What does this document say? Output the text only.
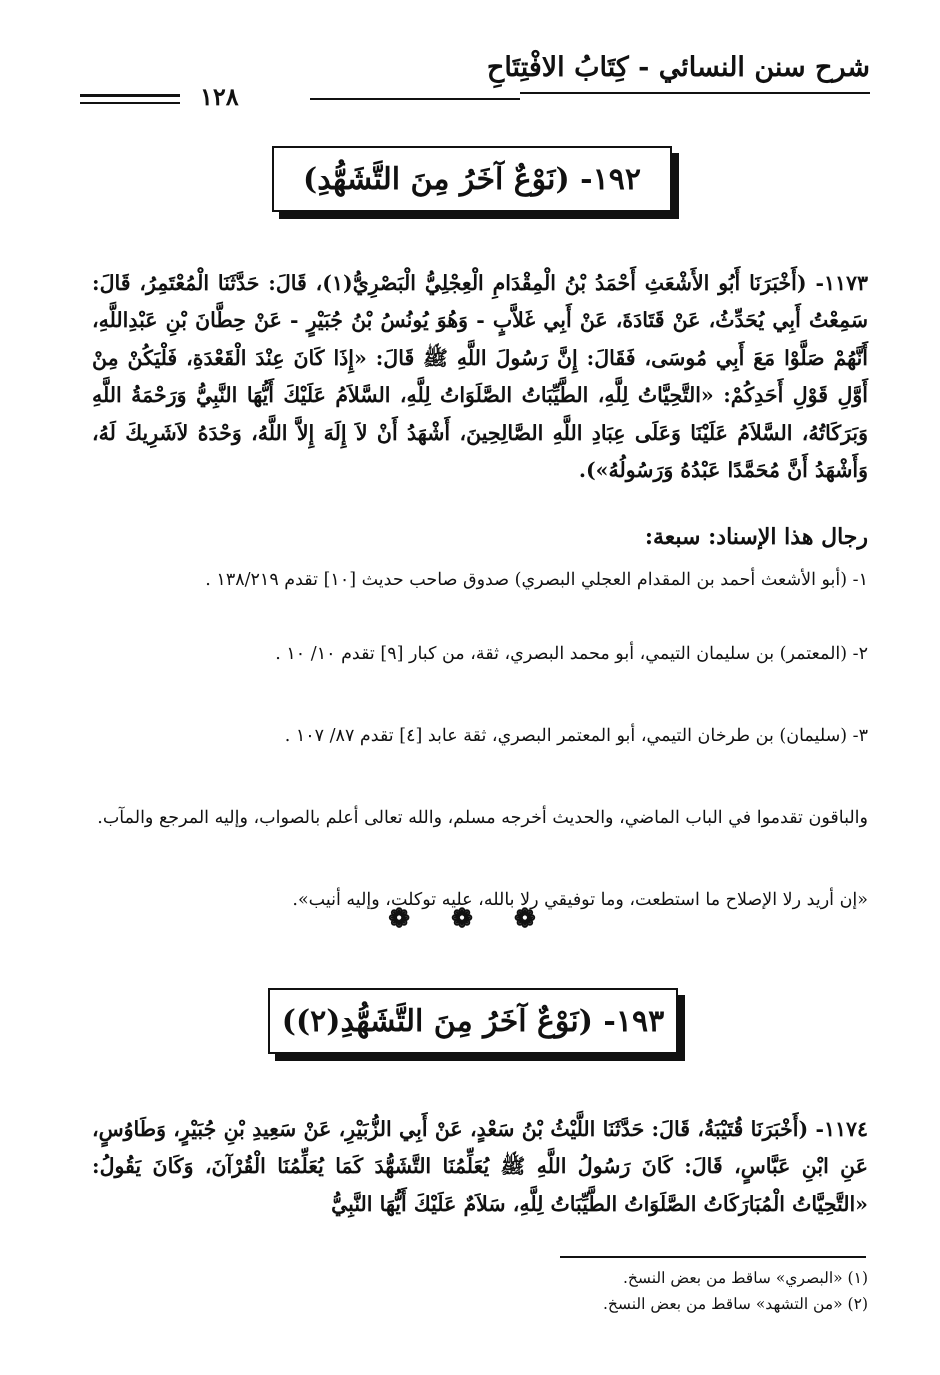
شرح سنن النسائي - كِتَابُ الافْتِتَاحِ
١٢٨
١٩٢- (نَوْعٌ آخَرُ مِنَ التَّشَهُّدِ)

١١٧٣- (أَخْبَرَنَا أَبُو الأَشْعَثِ أَحْمَدُ بْنُ الْمِقْدَامِ الْعِجْلِيُّ الْبَصْرِيُّ(١)، قَالَ: حَدَّثَنَا الْمُعْتَمِرُ، قَالَ: سَمِعْتُ أَبِي يُحَدِّثُ، عَنْ قَتَادَةَ، عَنْ أَبِي غَلاَّبٍ - وَهُوَ يُونُسُ بْنُ جُبَيْرٍ - عَنْ حِطَّانَ بْنِ عَبْدِاللَّهِ، أَنَّهُمْ صَلَّوْا مَعَ أَبِي مُوسَى، فَقَالَ: إِنَّ رَسُولَ اللَّهِ ﷺ قَالَ: «إِذَا كَانَ عِنْدَ الْقَعْدَةِ، فَلْيَكُنْ مِنْ أَوَّلِ قَوْلِ أَحَدِكُمْ: «التَّحِيَّاتُ لِلَّهِ، الطَّيِّبَاتُ الصَّلَوَاتُ لِلَّهِ، السَّلاَمُ عَلَيْكَ أَيُّهَا النَّبِيُّ وَرَحْمَةُ اللَّهِ وَبَرَكَاتُهُ، السَّلاَمُ عَلَيْنَا وَعَلَى عِبَادِ اللَّهِ الصَّالِحِينَ، أَشْهَدُ أَنْ لاَ إِلَهَ إِلاَّ اللَّهُ، وَحْدَهُ لاَشَرِيكَ لَهُ، وَأَشْهَدُ أَنَّ مُحَمَّدًا عَبْدُهُ وَرَسُولُهُ»).

رجال هذا الإسناد: سبعة:

١- (أبو الأشعث أحمد بن المقدام العجلي البصري) صدوق صاحب حديث [١٠] تقدم ١٣٨/٢١٩ .

٢- (المعتمر) بن سليمان التيمي، أبو محمد البصري، ثقة، من كبار [٩] تقدم ١٠/ ١٠ .

٣- (سليمان) بن طرخان التيمي، أبو المعتمر البصري، ثقة عابد [٤] تقدم ٨٧/ ١٠٧ .

والباقون تقدموا في الباب الماضي، والحديث أخرجه مسلم، والله تعالى أعلم بالصواب، وإليه المرجع والمآب.

«إن أريد رلا الإصلاح ما استطعت، وما توفيقي رلا بالله، عليه توكلت، وإليه أنيب».

❁ ❁ ❁
١٩٣- (نَوْعٌ آخَرُ مِنَ التَّشَهُّدِ(٢))

١١٧٤- (أَخْبَرَنَا قُتَيْبَةُ، قَالَ: حَدَّثَنَا اللَّيْثُ بْنُ سَعْدٍ، عَنْ أَبِي الزُّبَيْرِ، عَنْ سَعِيدِ بْنِ جُبَيْرٍ، وَطَاوُسٍ، عَنِ ابْنِ عَبَّاسٍ، قَالَ: كَانَ رَسُولُ اللَّهِ ﷺ يُعَلِّمُنَا التَّشَهُّدَ كَمَا يُعَلِّمُنَا الْقُرْآنَ، وَكَانَ يَقُولُ: «التَّحِيَّاتُ الْمُبَارَكَاتُ الصَّلَوَاتُ الطَّيِّبَاتُ لِلَّهِ، سَلاَمٌ عَلَيْكَ أَيُّهَا النَّبِيُّ

(١) «البصري» ساقط من بعض النسخ.
(٢) «من التشهد» ساقط من بعض النسخ.
